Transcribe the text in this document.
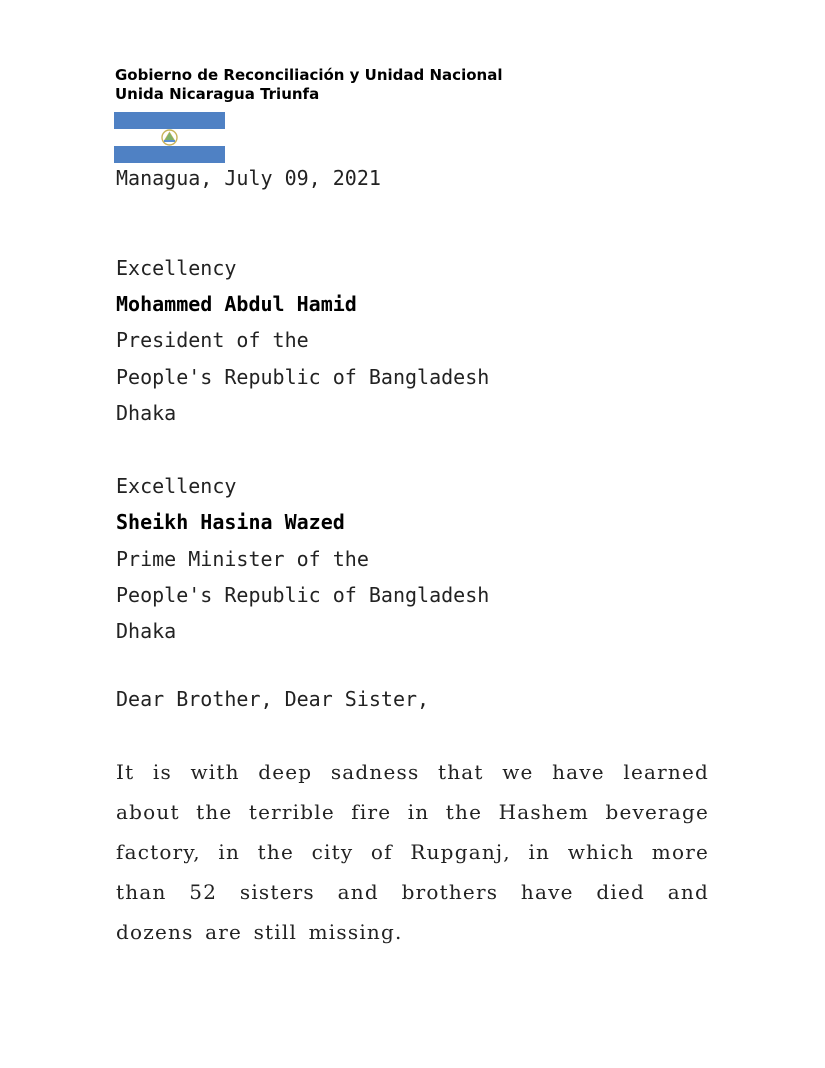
Gobierno de Reconciliación y Unidad Nacional
Unida Nicaragua Triunfa
Managua, July 09, 2021
Excellency
Mohammed Abdul Hamid
President of the
People's Republic of Bangladesh
Dhaka
Excellency
Sheikh Hasina Wazed
Prime Minister of the
People's Republic of Bangladesh
Dhaka
Dear Brother, Dear Sister,
It is with deep sadness that we have learned about the terrible fire in the Hashem beverage factory, in the city of Rupganj, in which more than 52 sisters and brothers have died and dozens are still missing.
